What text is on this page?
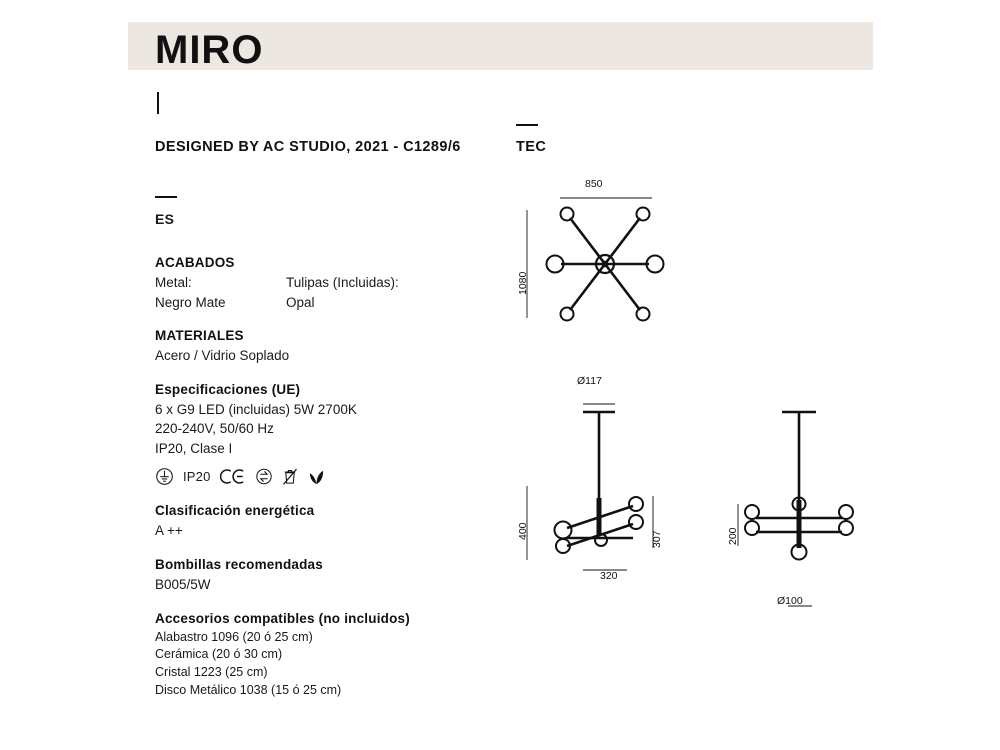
MIRO
DESIGNED BY AC STUDIO, 2021 - C1289/6	TEC
ES
ACABADOS
Metal:
Negro Mate
Tulipas (Incluidas):
Opal
MATERIALES
Acero / Vidrio Soplado
Especificaciones (UE)
6 x G9 LED (incluidas) 5W 2700K
220-240V, 50/60 Hz
IP20, Clase I
IP20
Clasificación energética
A ++
Bombillas recomendadas
B005/5W
Accesorios compatibles (no incluidos)
Alabastro 1096 (20 ó 25 cm)
Cerámica (20 ó 30 cm)
Cristal 1223 (25 cm)
Disco Metálico 1038 (15 ó 25 cm)
850
1080
Ø117
400	307
320
200
Ø100
